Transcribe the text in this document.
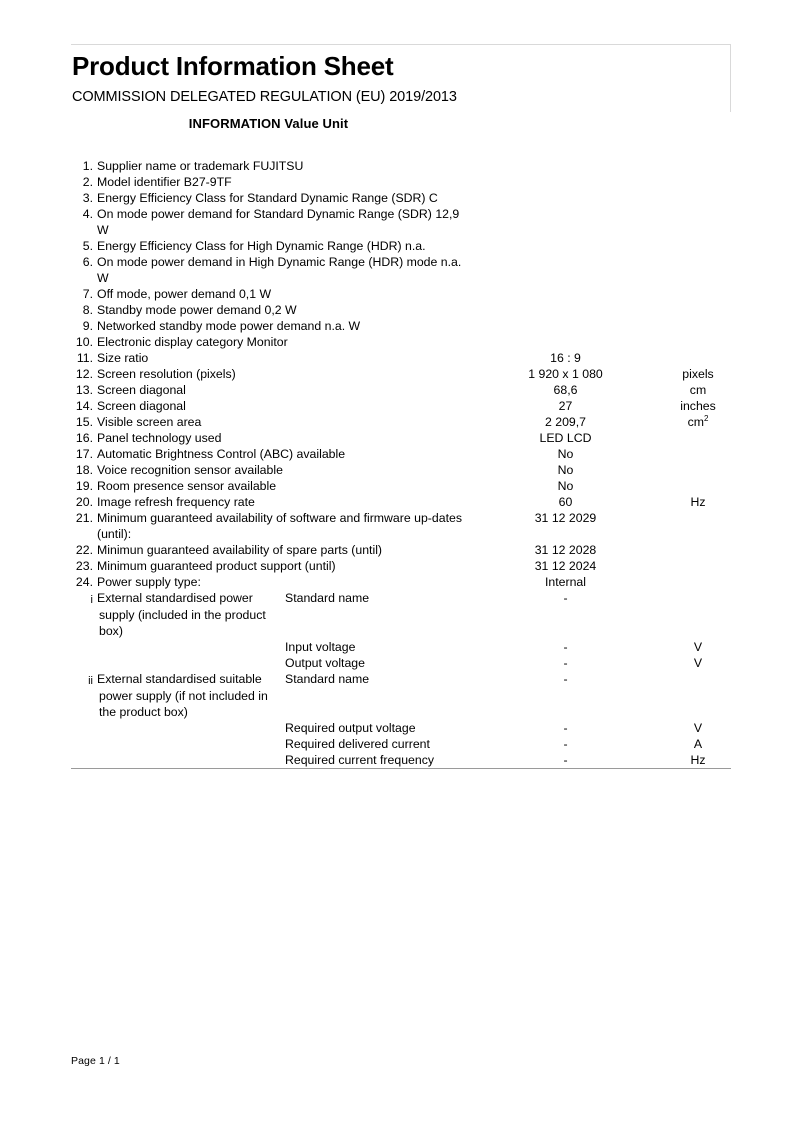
Product Information Sheet
COMMISSION DELEGATED REGULATION (EU) 2019/2013
INFORMATION Value Unit			

1. Supplier name or trademark FUJITSU			

2. Model identifier B27-9TF			

3. Energy Efficiency Class for Standard Dynamic Range (SDR) C			

4. On mode power demand for Standard Dynamic Range (SDR) 12,9 W			

5. Energy Efficiency Class for High Dynamic Range (HDR) n.a.			

6. On mode power demand in High Dynamic Range (HDR) mode n.a. W			

7. Off mode, power demand 0,1 W			

8. Standby mode power demand 0,2 W			

9. Networked standby mode power demand n.a. W			

10. Electronic display category Monitor			

11. Size ratio		16 : 9	

12. Screen resolution (pixels)		1 920 x 1 080	pixels

13. Screen diagonal		68,6	cm

14. Screen diagonal		27	inches

15. Visible screen area		2 209,7	$cm^2$

16. Panel technology used		LED LCD	

17. Automatic Brightness Control (ABC) available		No	

18. Voice recognition sensor available		No	

19. Room presence sensor available		No	

20. Image refresh frequency rate		60	Hz

21. Minimum guaranteed availability of software and firmware up-dates (until):		31 12 2029	

22. Minimun guaranteed availability of spare parts (until)		31 12 2028	

23. Minimum guaranteed product support (until)		31 12 2024	

24. Power supply type:		Internal	

i External standardised power supply (included in the product box)	Standard name	-	
	Input voltage	-	V
	Output voltage	-	V

ii External standardised suitable power supply (if not included in the product box)	Standard name	-	
	Required output voltage	-	V
	Required delivered current	-	A
	Required current frequency	-	Hz
Page 1 / 1
